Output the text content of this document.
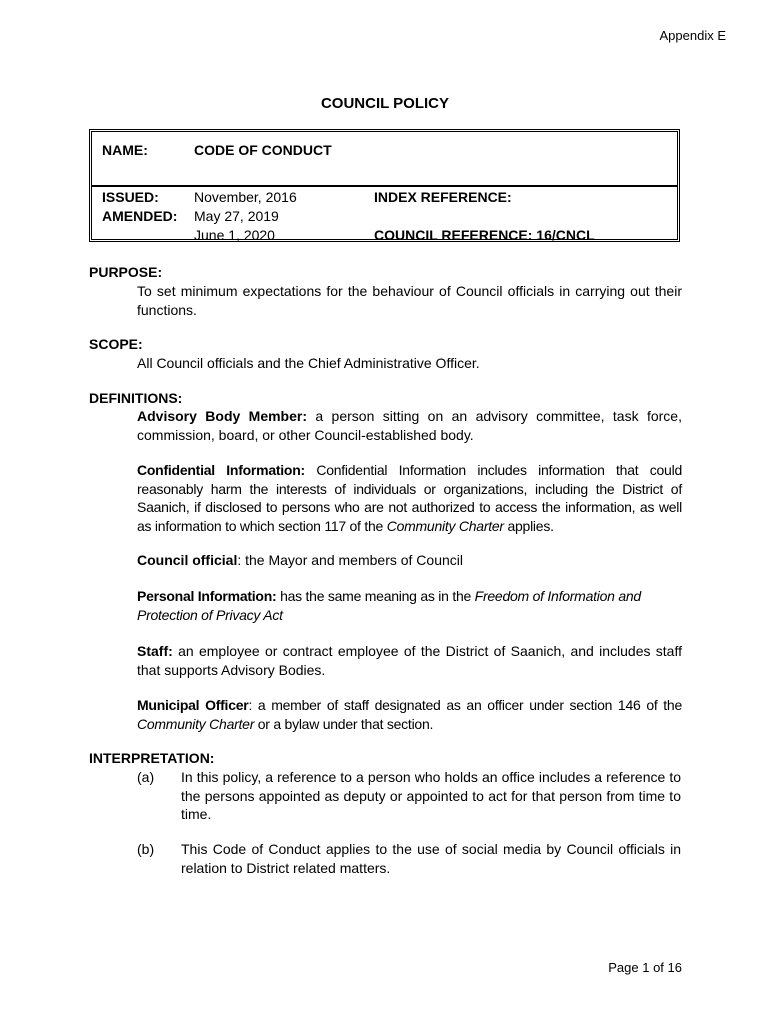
Appendix E
COUNCIL POLICY
NAME:	CODE OF CONDUCT
ISSUED:	November, 2016
AMENDED: May 27, 2019
June 1, 2020
INDEX REFERENCE:
COUNCIL REFERENCE: 16/CNCL
PURPOSE:
To set minimum expectations for the behaviour of Council officials in carrying out their functions.
SCOPE:
All Council officials and the Chief Administrative Officer.
DEFINITIONS:
Advisory Body Member: a person sitting on an advisory committee, task force, commission, board, or other Council-established body.
Confidential Information: Confidential Information includes information that could reasonably harm the interests of individuals or organizations, including the District of Saanich, if disclosed to persons who are not authorized to access the information, as well as information to which section 117 of the Community Charter applies.
Council official: the Mayor and members of Council
Personal Information: has the same meaning as in the Freedom of Information and Protection of Privacy Act
Staff: an employee or contract employee of the District of Saanich, and includes staff that supports Advisory Bodies.
Municipal Officer: a member of staff designated as an officer under section 146 of the Community Charter or a bylaw under that section.
INTERPRETATION:
(a) In this policy, a reference to a person who holds an office includes a reference to the persons appointed as deputy or appointed to act for that person from time to time.
(b) This Code of Conduct applies to the use of social media by Council officials in relation to District related matters.
Page 1 of 16
